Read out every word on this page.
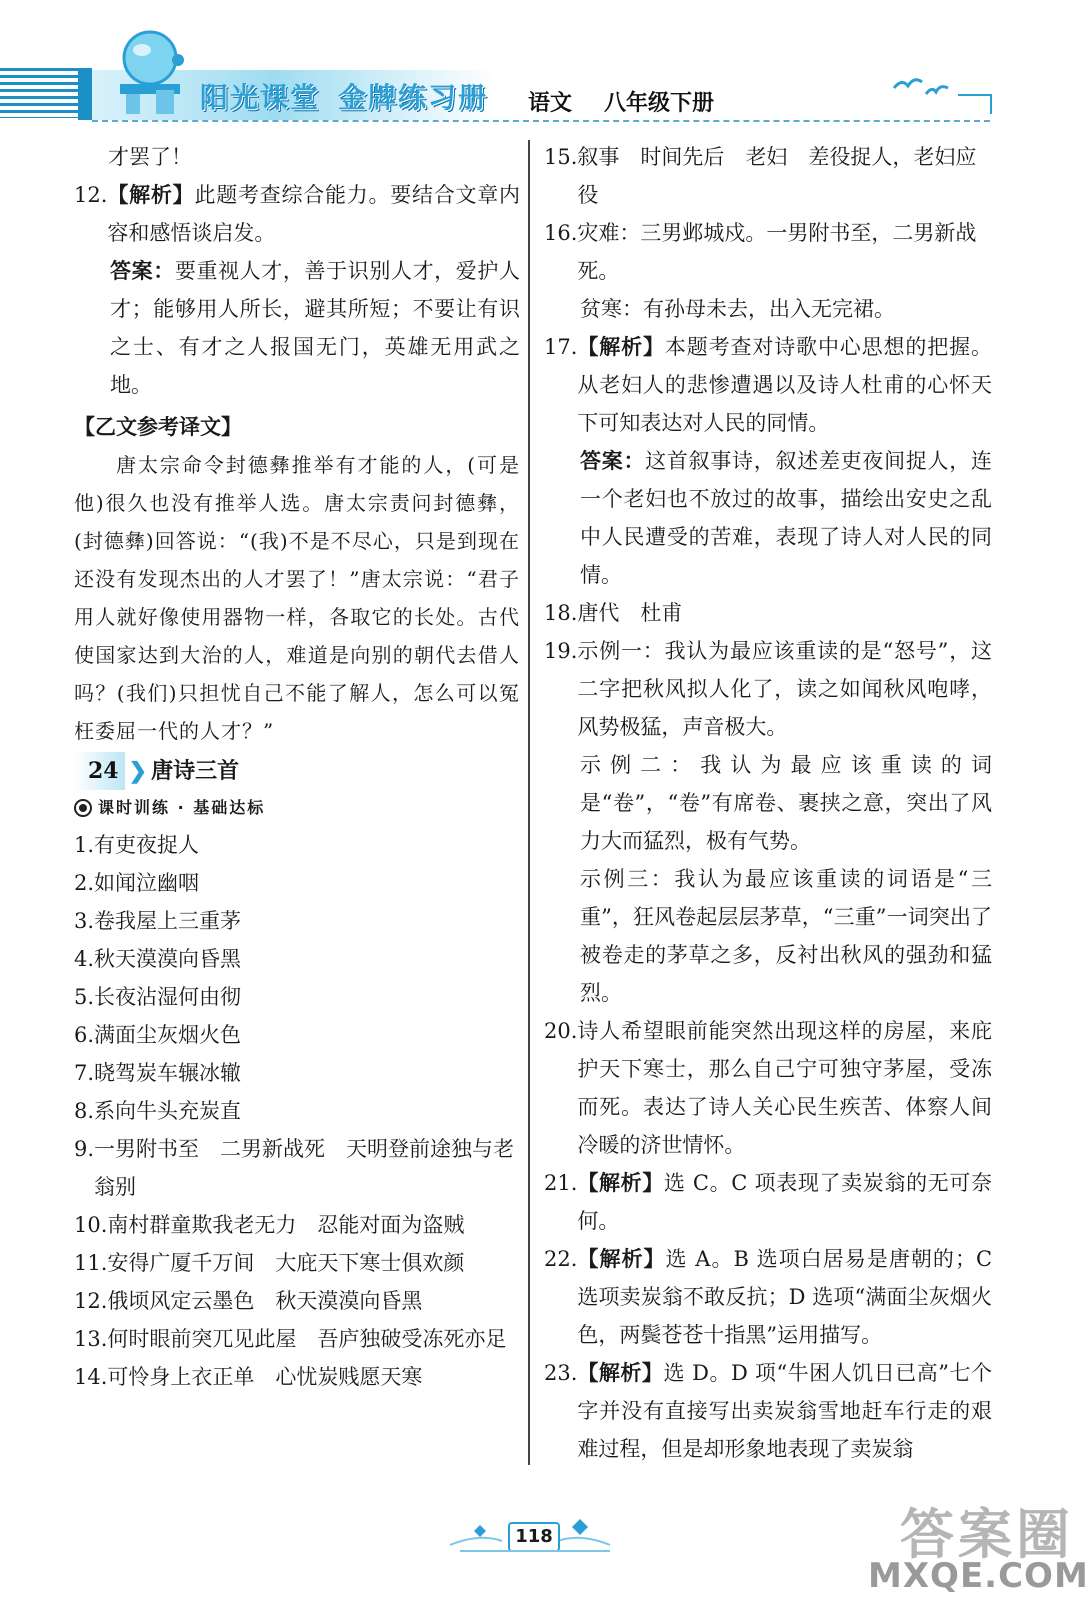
阳光课堂 金牌练习册 语文 八年级下册
才罢了！
12. 【解析】此题考查综合能力。要结合文章内容和感悟谈启发。
答案：要重视人才，善于识别人才，爱护人才；能够用人所长，避其所短；不要让有识之士、有才之人报国无门，英雄无用武之地。
【乙文参考译文】
唐太宗命令封德彝推举有才能的人，(可是他)很久也没有推举人选。唐太宗责问封德彝，(封德彝)回答说：“(我)不是不尽心，只是到现在还没有发现杰出的人才罢了！”唐太宗说：“君子用人就好像使用器物一样，各取它的长处。古代使国家达到大治的人，难道是向别的朝代去借人吗？(我们)只担忧自己不能了解人，怎么可以冤枉委屈一代的人才？”
24 ❯ 唐诗三首
课时训练 · 基础达标
1. 有吏夜捉人
2. 如闻泣幽咽
3. 卷我屋上三重茅
4. 秋天漠漠向昏黑
5. 长夜沾湿何由彻
6. 满面尘灰烟火色
7. 晓驾炭车辗冰辙
8. 系向牛头充炭直
9. 一男附书至　二男新战死　天明登前途独与老翁别
10. 南村群童欺我老无力　忍能对面为盗贼
11. 安得广厦千万间　大庇天下寒士俱欢颜
12. 俄顷风定云墨色　秋天漠漠向昏黑
13. 何时眼前突兀见此屋　吾庐独破受冻死亦足
14. 可怜身上衣正单　心忧炭贱愿天寒
15. 叙事　时间先后　老妇　差役捉人，老妇应役
16. 灾难：三男邺城戍。一男附书至，二男新战死。
贫寒：有孙母未去，出入无完裙。
17. 【解析】本题考查对诗歌中心思想的把握。从老妇人的悲惨遭遇以及诗人杜甫的心怀天下可知表达对人民的同情。
答案：这首叙事诗，叙述差吏夜间捉人，连一个老妇也不放过的故事，描绘出安史之乱中人民遭受的苦难，表现了诗人对人民的同情。
18. 唐代　杜甫
19. 示例一：我认为最应该重读的是“怒号”，这二字把秋风拟人化了，读之如闻秋风咆哮，风势极猛，声音极大。
示例二：我认为最应该重读的词是“卷”，“卷”有席卷、裹挟之意，突出了风力大而猛烈，极有气势。
示例三：我认为最应该重读的词语是“三重”，狂风卷起层层茅草，“三重”一词突出了被卷走的茅草之多，反衬出秋风的强劲和猛烈。
20. 诗人希望眼前能突然出现这样的房屋，来庇护天下寒士，那么自己宁可独守茅屋，受冻而死。表达了诗人关心民生疾苦、体察人间冷暖的济世情怀。
21. 【解析】选 C。C 项表现了卖炭翁的无可奈何。
22. 【解析】选 A。B 选项白居易是唐朝的；C 选项卖炭翁不敢反抗；D 选项“满面尘灰烟火色，两鬓苍苍十指黑”运用描写。
23. 【解析】选 D。D 项“牛困人饥日已高”七个字并没有直接写出卖炭翁雪地赶车行走的艰难过程，但是却形象地表现了卖炭翁
118	答案圈
MXQE.COM
